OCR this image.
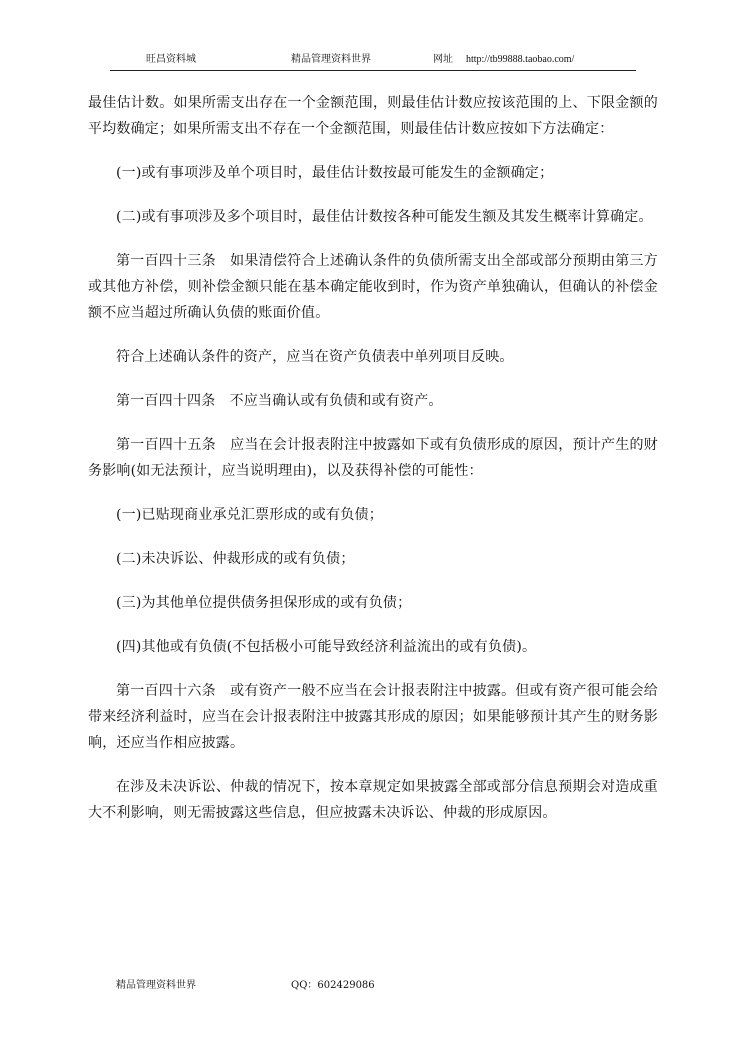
旺昌资料城	精品管理资料世界	网址 http://tb99888.taobao.com/

最佳估计数。如果所需支出存在一个金额范围，则最佳估计数应按该范围的上、下限金额的平均数确定；如果所需支出不存在一个金额范围，则最佳估计数应按如下方法确定：

(一)或有事项涉及单个项目时，最佳估计数按最可能发生的金额确定；

(二)或有事项涉及多个项目时，最佳估计数按各种可能发生额及其发生概率计算确定。

第一百四十三条　如果清偿符合上述确认条件的负债所需支出全部或部分预期由第三方或其他方补偿，则补偿金额只能在基本确定能收到时，作为资产单独确认，但确认的补偿金额不应当超过所确认负债的账面价值。

符合上述确认条件的资产，应当在资产负债表中单列项目反映。

第一百四十四条　不应当确认或有负债和或有资产。

第一百四十五条　应当在会计报表附注中披露如下或有负债形成的原因，预计产生的财务影响(如无法预计，应当说明理由)，以及获得补偿的可能性：

(一)已贴现商业承兑汇票形成的或有负债；

(二)未决诉讼、仲裁形成的或有负债；

(三)为其他单位提供债务担保形成的或有负债；

(四)其他或有负债(不包括极小可能导致经济利益流出的或有负债)。

第一百四十六条　或有资产一般不应当在会计报表附注中披露。但或有资产很可能会给带来经济利益时，应当在会计报表附注中披露其形成的原因；如果能够预计其产生的财务影响，还应当作相应披露。

在涉及未决诉讼、仲裁的情况下，按本章规定如果披露全部或部分信息预期会对造成重大不利影响，则无需披露这些信息，但应披露未决诉讼、仲裁的形成原因。

精品管理资料世界	QQ：602429086
